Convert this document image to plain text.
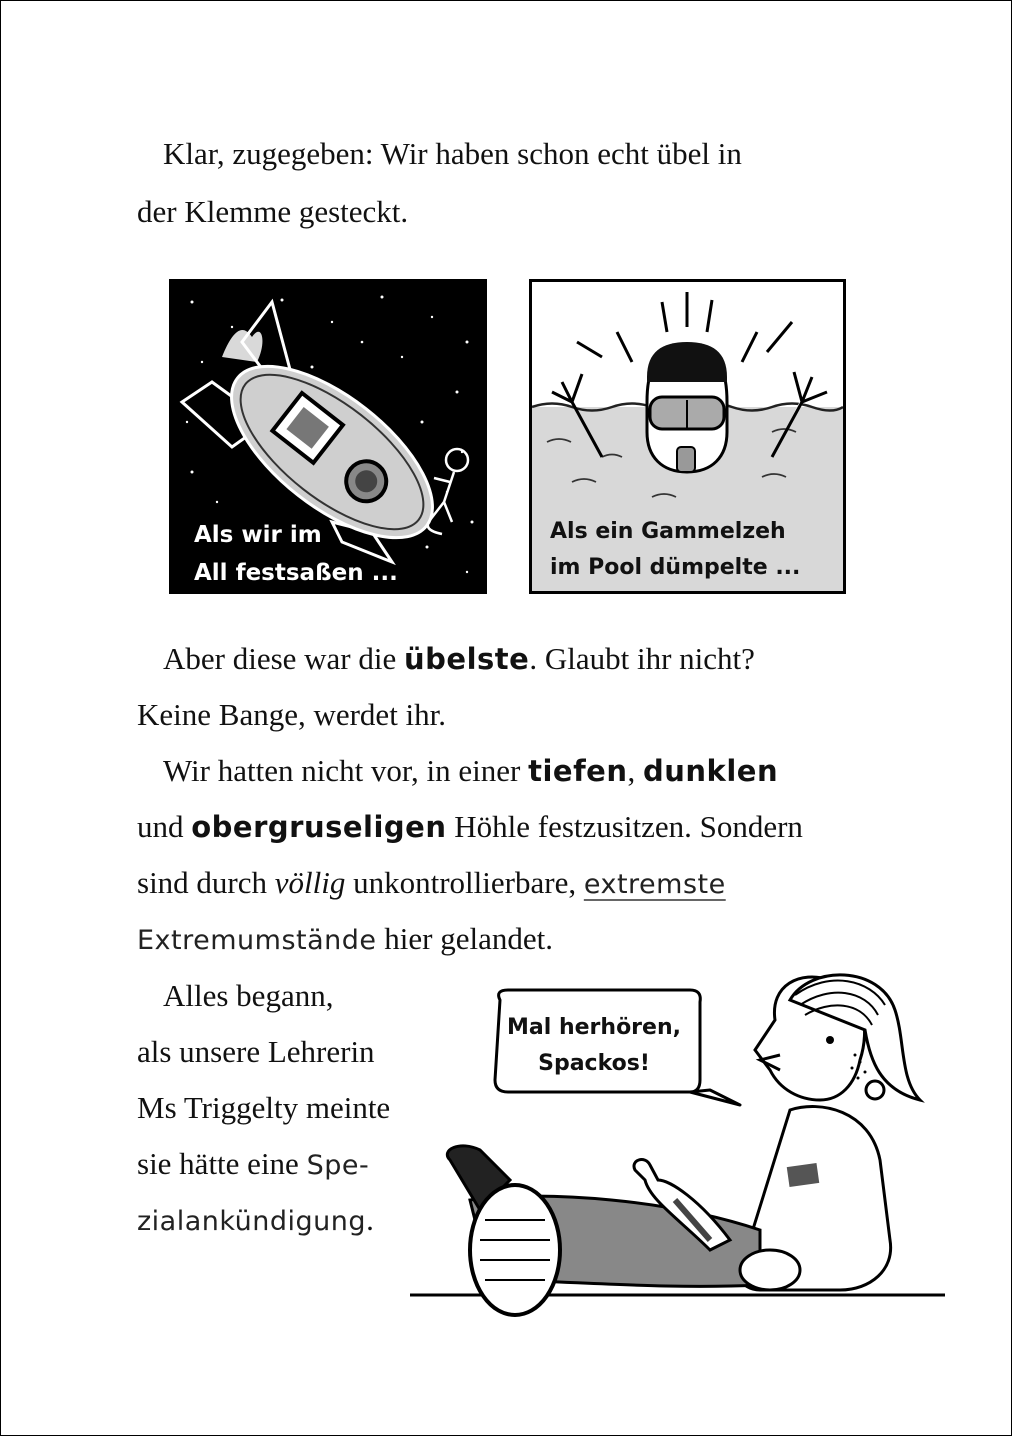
Klar, zugegeben: Wir haben schon echt übel in
der Klemme gesteckt.
Als wir im
All festsaßen ...
Als ein Gammelzeh
im Pool dümpelte ...
Aber diese war die übelste. Glaubt ihr nicht?
Keine Bange, werdet ihr.
Wir hatten nicht vor, in einer tiefen, dunklen
und obergruseligen Höhle festzusitzen. Sondern
sind durch völlig unkontrollierbare, extremste
Extremumstände hier gelandet.
Alles begann,
als unsere Lehrerin
Ms Triggelty meinte
sie hätte eine Spe-
zialankündigung.
Mal herhören,
Spackos!
